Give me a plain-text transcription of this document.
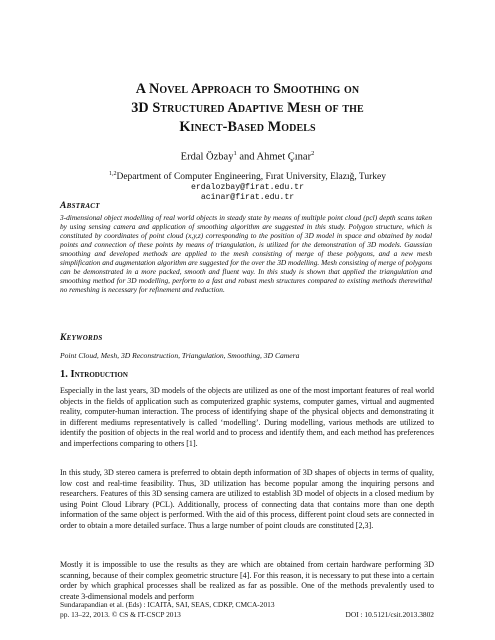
A Novel Approach to Smoothing on
3D Structured Adaptive Mesh of the
Kinect-Based Models
Erdal Özbay$^1$ and Ahmet Çınar$^2$
$^{1,2}$Department of Computer Engineering, Fırat University, Elazığ, Turkey
erdalozbay@firat.edu.tr
acinar@firat.edu.tr
Abstract

3-dimensional object modelling of real world objects in steady state by means of multiple point cloud (pcl) depth scans taken by using sensing camera and application of smoothing algorithm are suggested in this study. Polygon structure, which is constituted by coordinates of point cloud (x,y,z) corresponding to the position of 3D model in space and obtained by nodal points and connection of these points by means of triangulation, is utilized for the demonstration of 3D models. Gaussian smoothing and developed methods are applied to the mesh consisting of merge of these polygons, and a new mesh simplification and augmentation algorithm are suggested for the over the 3D modelling. Mesh consisting of merge of polygons can be demonstrated in a more packed, smooth and fluent way. In this study is shown that applied the triangulation and smoothing method for 3D modelling, perform to a fast and robust mesh structures compared to existing methods therewithal no remeshing is necessary for refinement and reduction.

Keywords

Point Cloud, Mesh, 3D Reconstruction, Triangulation, Smoothing, 3D Camera

1. Introduction

Especially in the last years, 3D models of the objects are utilized as one of the most important features of real world objects in the fields of application such as computerized graphic systems, computer games, virtual and augmented reality, computer-human interaction. The process of identifying shape of the physical objects and demonstrating it in different mediums representatively is called ‘modelling’. During modelling, various methods are utilized to identify the position of objects in the real world and to process and identify them, and each method has preferences and imperfections comparing to others [1].

In this study, 3D stereo camera is preferred to obtain depth information of 3D shapes of objects in terms of quality, low cost and real-time feasibility. Thus, 3D utilization has become popular among the inquiring persons and researchers. Features of this 3D sensing camera are utilized to establish 3D model of objects in a closed medium by using Point Cloud Library (PCL). Additionally, process of connecting data that contains more than one depth information of the same object is performed. With the aid of this process, different point cloud sets are connected in order to obtain a more detailed surface. Thus a large number of point clouds are constituted [2,3].

Mostly it is impossible to use the results as they are which are obtained from certain hardware performing 3D scanning, because of their complex geometric structure [4]. For this reason, it is necessary to put these into a certain order by which graphical processes shall be realized as far as possible. One of the methods prevalently used to create 3-dimensional models and perform

Sundarapandian et al. (Eds) : ICAITA, SAI, SEAS, CDKP, CMCA-2013
pp. 13–22, 2013. © CS & IT-CSCP 2013	DOI : 10.5121/csit.2013.3802
